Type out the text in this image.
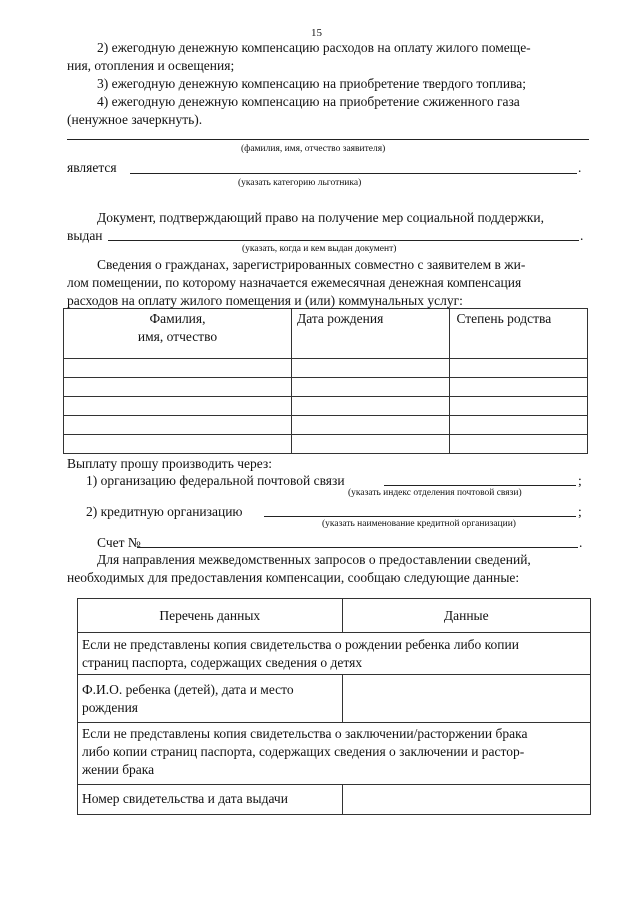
15
2) ежегодную денежную компенсацию расходов на оплату жилого помеще-
ния, отопления и освещения;
3) ежегодную денежную компенсацию на приобретение твердого топлива;
4) ежегодную денежную компенсацию на приобретение сжиженного газа
(ненужное зачеркнуть).
(фамилия, имя, отчество заявителя)
является	.
(указать категорию льготника)
Документ, подтверждающий право на получение мер социальной поддержки,
выдан	.
(указать, когда и кем выдан документ)
Сведения о гражданах, зарегистрированных совместно с заявителем в жи-
лом помещении, по которому назначается ежемесячная денежная компенсация
расходов на оплату жилого помещения и (или) коммунальных услуг:
Фамилия,
имя, отчество	Дата рождения	Степень родства

Выплату прошу производить через:
1) организацию федеральной почтовой связи	;
(указать индекс отделения почтовой связи)
2) кредитную организацию	;
(указать наименование кредитной организации)
Счет №	.
Для направления межведомственных запросов о предоставлении сведений,
необходимых для предоставления компенсации, сообщаю следующие данные:
Перечень данных	Данные

Если не представлены копия свидетельства о рождении ребенка либо копии
страниц паспорта, содержащих сведения о детях	

Ф.И.О. ребенка (детей), дата и место
рождения	

Если не представлены копия свидетельства о заключении/расторжении брака
либо копии страниц паспорта, содержащих сведения о заключении и растор-
жении брака	

Номер свидетельства и дата выдачи	
